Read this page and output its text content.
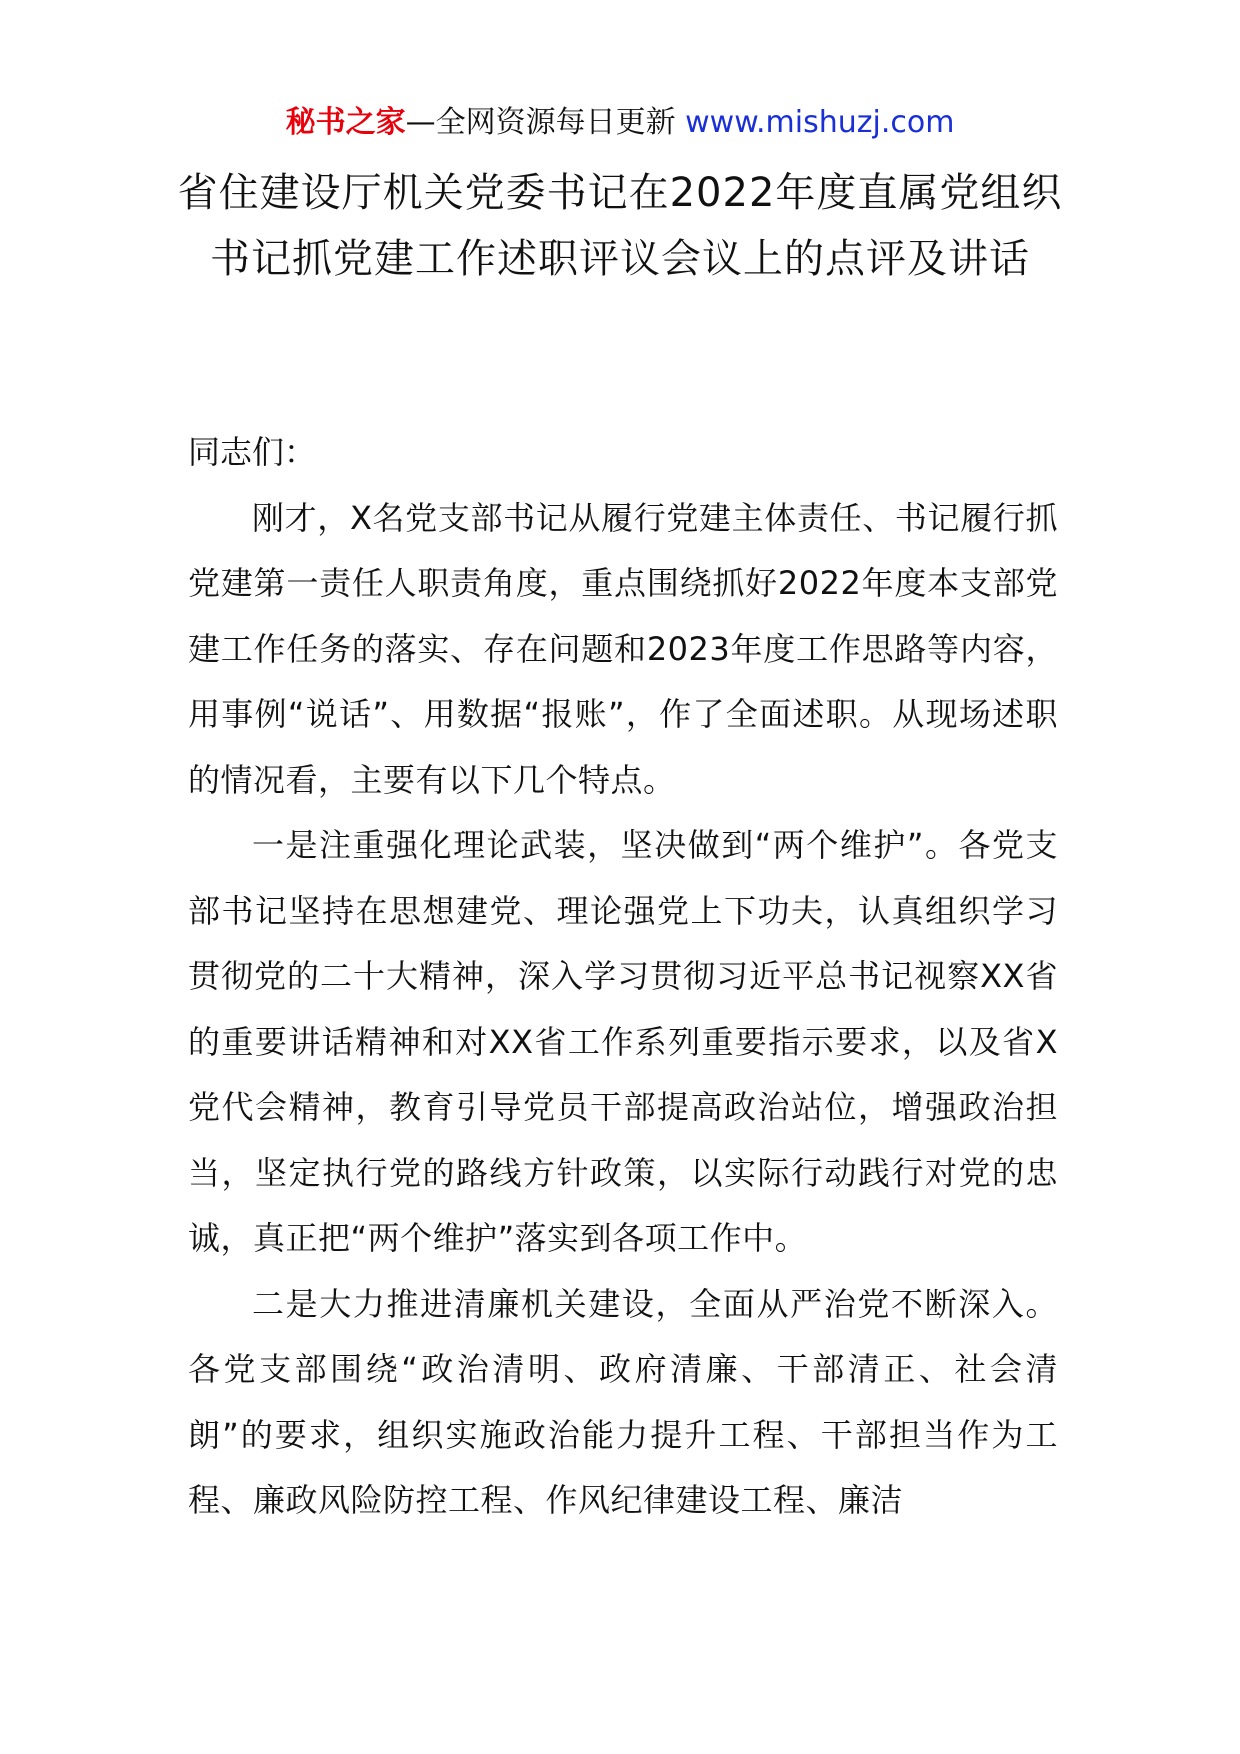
秘书之家—全网资源每日更新 www.mishuzj.com
省住建设厅机关党委书记在2022年度直属党组织书记抓党建工作述职评议会议上的点评及讲话

同志们：

刚才，X名党支部书记从履行党建主体责任、书记履行抓党建第一责任人职责角度，重点围绕抓好2022年度本支部党建工作任务的落实、存在问题和2023年度工作思路等内容，用事例“说话”、用数据“报账”，作了全面述职。从现场述职的情况看，主要有以下几个特点。

一是注重强化理论武装，坚决做到“两个维护”。各党支部书记坚持在思想建党、理论强党上下功夫，认真组织学习贯彻党的二十大精神，深入学习贯彻习近平总书记视察XX省的重要讲话精神和对XX省工作系列重要指示要求，以及省X党代会精神，教育引导党员干部提高政治站位，增强政治担当，坚定执行党的路线方针政策，以实际行动践行对党的忠诚，真正把“两个维护”落实到各项工作中。

二是大力推进清廉机关建设，全面从严治党不断深入。各党支部围绕“政治清明、政府清廉、干部清正、社会清朗”的要求，组织实施政治能力提升工程、干部担当作为工程、廉政风险防控工程、作风纪律建设工程、廉洁
